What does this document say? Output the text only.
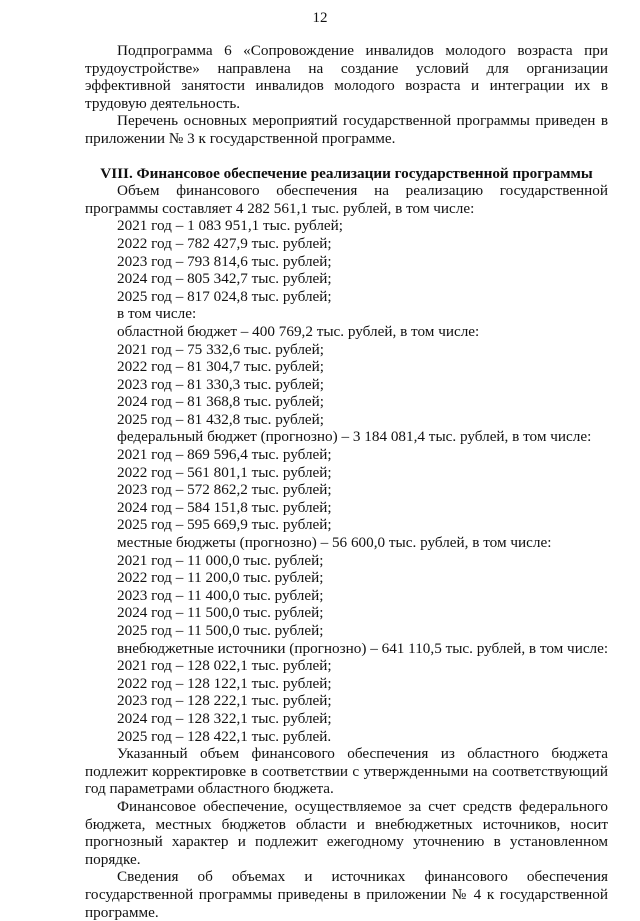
12

Подпрограмма 6 «Сопровождение инвалидов молодого возраста при трудоустройстве» направлена на создание условий для организации эффективной занятости инвалидов молодого возраста и интеграции их в трудовую деятельность.

Перечень основных мероприятий государственной программы приведен в приложении № 3 к государственной программе.

VIII. Финансовое обеспечение реализации государственной программы

Объем финансового обеспечения на реализацию государственной программы составляет 4 282 561,1 тыс. рублей, в том числе:

2021 год – 1 083 951,1 тыс. рублей;

2022 год – 782 427,9 тыс. рублей;

2023 год – 793 814,6 тыс. рублей;

2024 год – 805 342,7 тыс. рублей;

2025 год – 817 024,8 тыс. рублей;

в том числе:

областной бюджет – 400 769,2 тыс. рублей, в том числе:

2021 год – 75 332,6 тыс. рублей;

2022 год – 81 304,7 тыс. рублей;

2023 год – 81 330,3 тыс. рублей;

2024 год – 81 368,8 тыс. рублей;

2025 год – 81 432,8 тыс. рублей;

федеральный бюджет (прогнозно) – 3 184 081,4 тыс. рублей, в том числе:

2021 год – 869 596,4 тыс. рублей;

2022 год – 561 801,1 тыс. рублей;

2023 год – 572 862,2 тыс. рублей;

2024 год – 584 151,8 тыс. рублей;

2025 год – 595 669,9 тыс. рублей;

местные бюджеты (прогнозно) – 56 600,0 тыс. рублей, в том числе:

2021 год – 11 000,0 тыс. рублей;

2022 год – 11 200,0 тыс. рублей;

2023 год – 11 400,0 тыс. рублей;

2024 год – 11 500,0 тыс. рублей;

2025 год – 11 500,0 тыс. рублей;

внебюджетные источники (прогнозно) – 641 110,5 тыс. рублей, в том числе:

2021 год – 128 022,1 тыс. рублей;

2022 год – 128 122,1 тыс. рублей;

2023 год – 128 222,1 тыс. рублей;

2024 год – 128 322,1 тыс. рублей;

2025 год – 128 422,1 тыс. рублей.

Указанный объем финансового обеспечения из областного бюджета подлежит корректировке в соответствии с утвержденными на соответствующий год параметрами областного бюджета.

Финансовое обеспечение, осуществляемое за счет средств федерального бюджета, местных бюджетов области и внебюджетных источников, носит прогнозный характер и подлежит ежегодному уточнению в установленном порядке.

Сведения об объемах и источниках финансового обеспечения государственной программы приведены в приложении № 4 к государственной программе.
